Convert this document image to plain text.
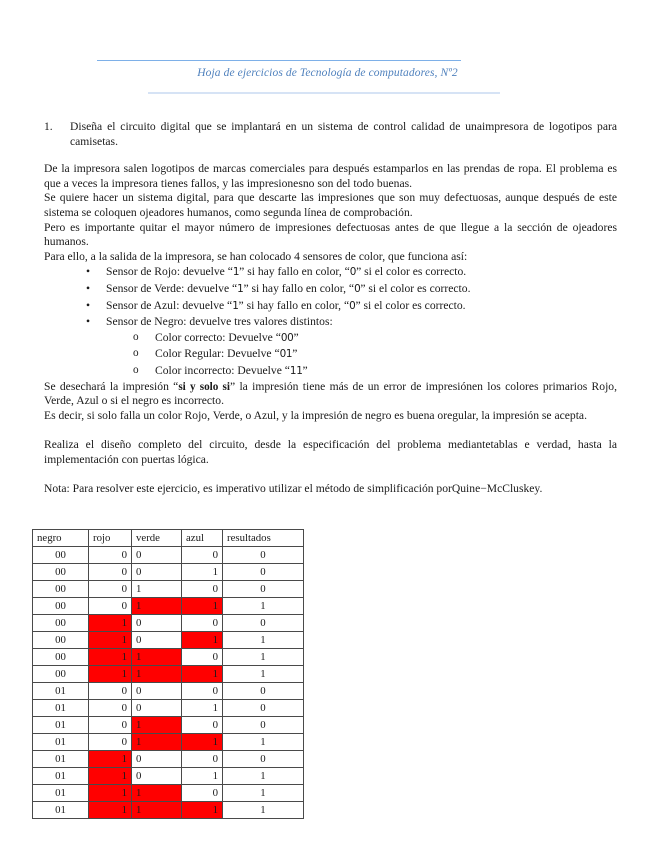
Hoja de ejercicios de Tecnología de computadores, Nº2
1.	Diseña el circuito digital que se implantará en un sistema de control calidad de unaimpresora de logotipos para camisetas.

De la impresora salen logotipos de marcas comerciales para después estamparlos en las prendas de ropa. El problema es que a veces la impresora tienes fallos, y las impresionesno son del todo buenas.

Se quiere hacer un sistema digital, para que descarte las impresiones que son muy defectuosas, aunque después de este sistema se coloquen ojeadores humanos, como segunda línea de comprobación.

Pero es importante quitar el mayor número de impresiones defectuosas antes de que llegue a la sección de ojeadores humanos.

Para ello, a la salida de la impresora, se han colocado 4 sensores de color, que funciona así:

• Sensor de Rojo: devuelve “1” si hay fallo en color, “0” si el color es correcto.
• Sensor de Verde: devuelve “1” si hay fallo en color, “0” si el color es correcto.
• Sensor de Azul: devuelve “1” si hay fallo en color, “0” si el color es correcto.
• Sensor de Negro: devuelve tres valores distintos:
o Color correcto: Devuelve “00”
o Color Regular: Devuelve “01”
o Color incorrecto: Devuelve “11”

Se desechará la impresión “si y solo si” la impresión tiene más de un error de impresiónen los colores primarios Rojo, Verde, Azul o si el negro es incorrecto.

Es decir, si solo falla un color Rojo, Verde, o Azul, y la impresión de negro es buena oregular, la impresión se acepta.

Realiza el diseño completo del circuito, desde la especificación del problema mediantetablas e verdad, hasta la implementación con puertas lógica.

Nota: Para resolver este ejercicio, es imperativo utilizar el método de simplificación porQuine−McCluskey.

negro	rojo	verde	azul	resultados
00	0	0	0	0
00	0	0	1	0
00	0	1	0	0
00	0	1	1	1
00	1	0	0	0
00	1	0	1	1
00	1	1	0	1
00	1	1	1	1
01	0	0	0	0
01	0	0	1	0
01	0	1	0	0
01	0	1	1	1
01	1	0	0	0
01	1	0	1	1
01	1	1	0	1
01	1	1	1	1
